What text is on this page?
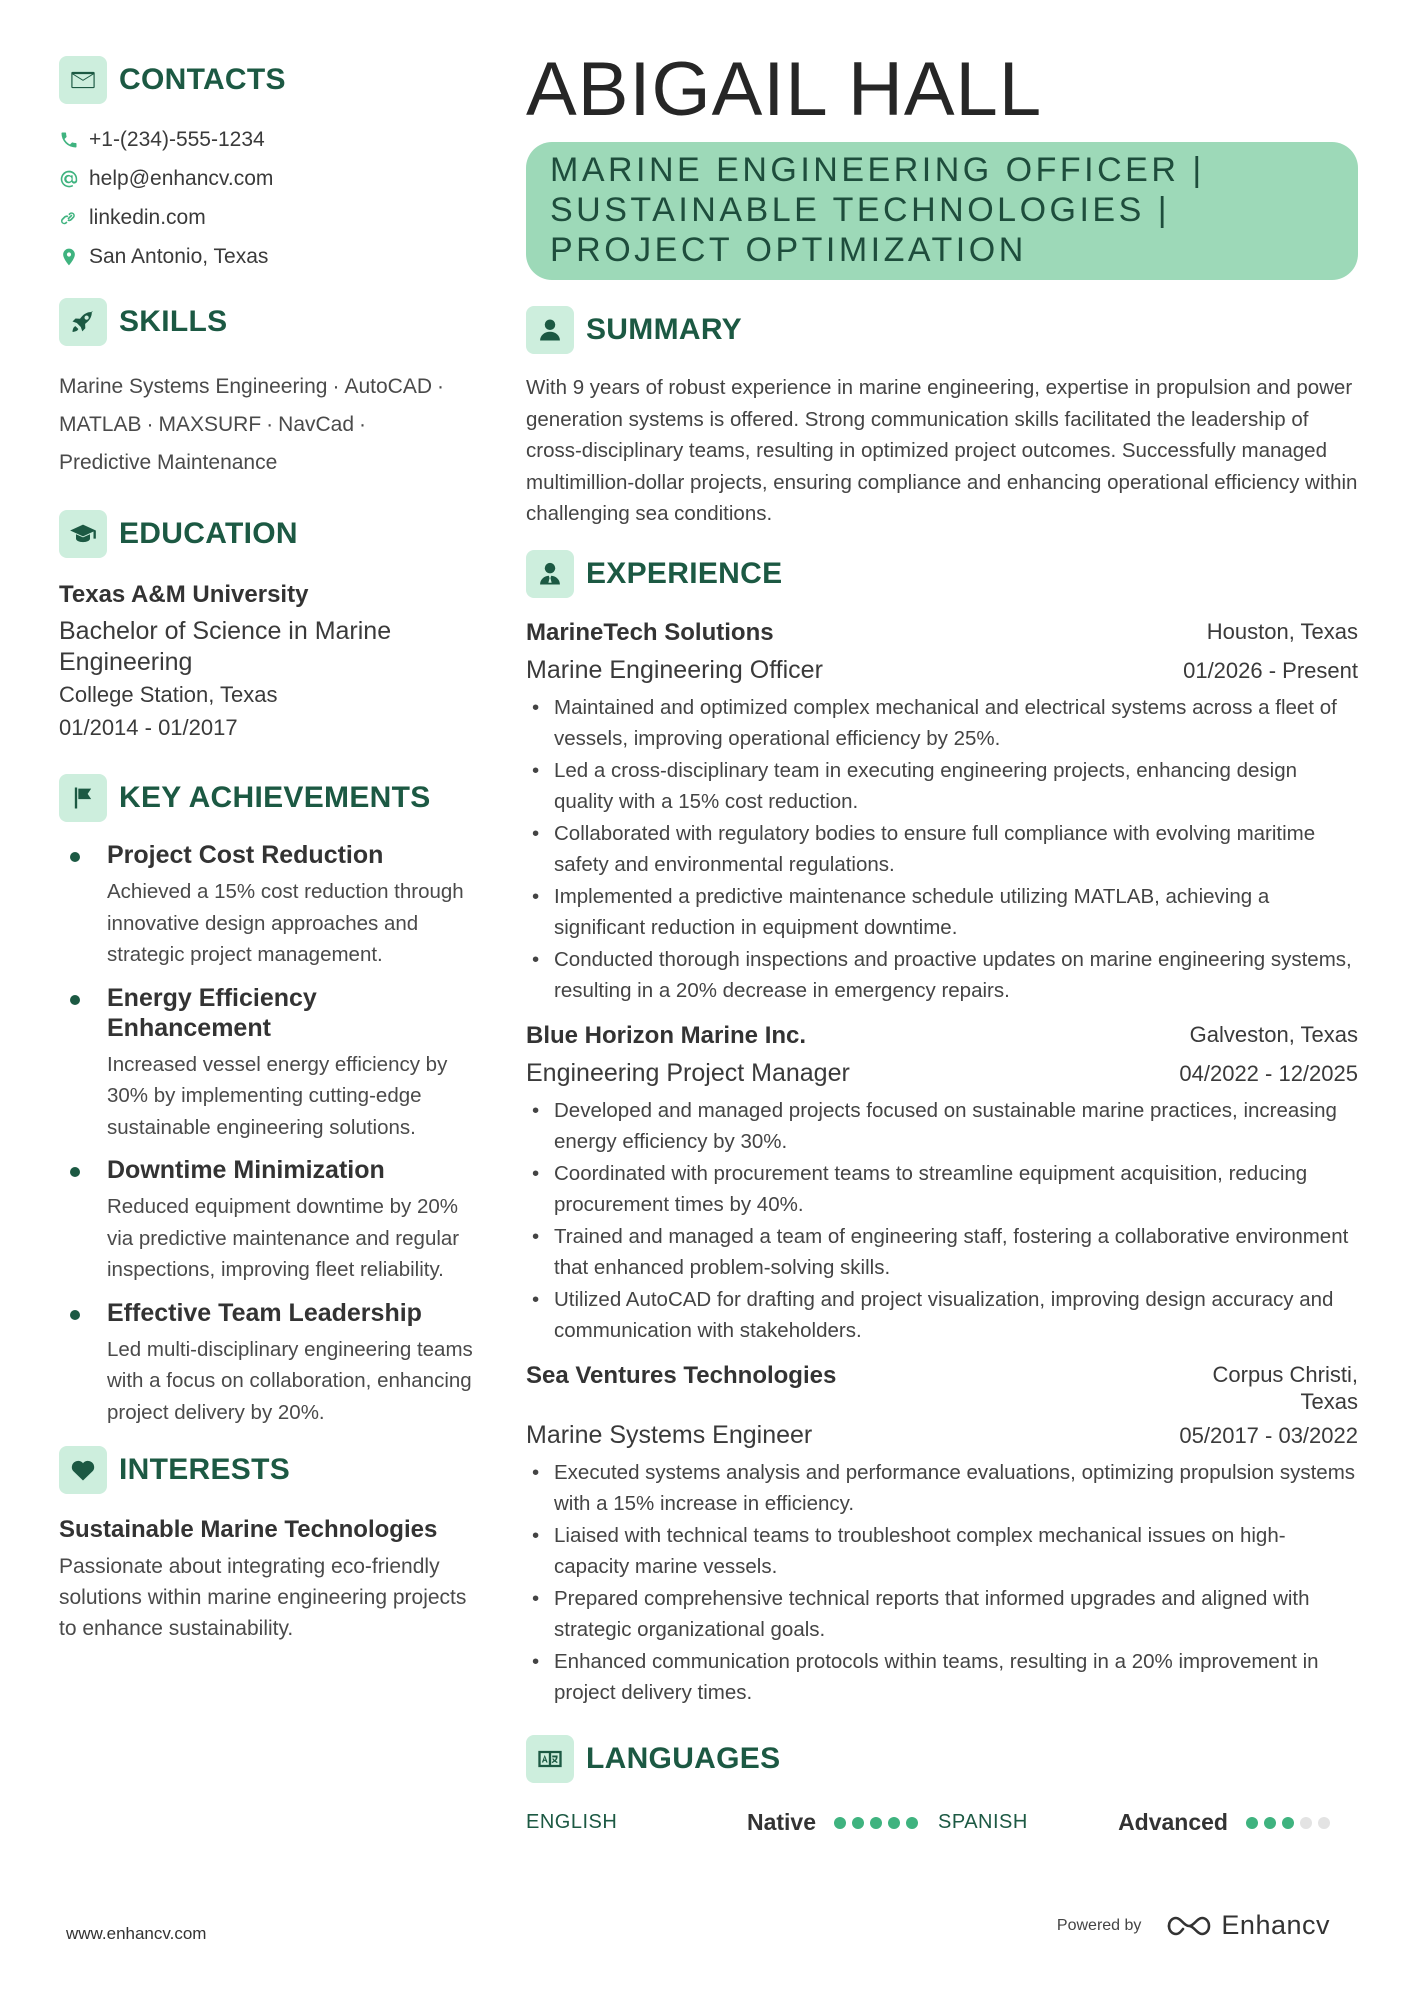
CONTACTS
+1-(234)-555-1234
help@enhancv.com
linkedin.com
San Antonio, Texas
SKILLS
Marine Systems Engineering · AutoCAD ·
MATLAB · MAXSURF · NavCad ·
Predictive Maintenance
EDUCATION
Texas A&M University
Bachelor of Science in Marine Engineering
College Station, Texas
01/2014 - 01/2017
KEY ACHIEVEMENTS
Project Cost Reduction
Achieved a 15% cost reduction through innovative design approaches and strategic project management.
Energy Efficiency Enhancement
Increased vessel energy efficiency by 30% by implementing cutting-edge sustainable engineering solutions.
Downtime Minimization
Reduced equipment downtime by 20% via predictive maintenance and regular inspections, improving fleet reliability.
Effective Team Leadership
Led multi-disciplinary engineering teams with a focus on collaboration, enhancing project delivery by 20%.
INTERESTS
Sustainable Marine Technologies
Passionate about integrating eco-friendly solutions within marine engineering projects to enhance sustainability.
ABIGAIL HALL
MARINE ENGINEERING OFFICER | SUSTAINABLE TECHNOLOGIES | PROJECT OPTIMIZATION
SUMMARY
With 9 years of robust experience in marine engineering, expertise in propulsion and power generation systems is offered. Strong communication skills facilitated the leadership of cross-disciplinary teams, resulting in optimized project outcomes. Successfully managed multimillion-dollar projects, ensuring compliance and enhancing operational efficiency within challenging sea conditions.
EXPERIENCE
MarineTech Solutions	Houston, Texas
Marine Engineering Officer	01/2026 - Present
• Maintained and optimized complex mechanical and electrical systems across a fleet of vessels, improving operational efficiency by 25%.
• Led a cross-disciplinary team in executing engineering projects, enhancing design quality with a 15% cost reduction.
• Collaborated with regulatory bodies to ensure full compliance with evolving maritime safety and environmental regulations.
• Implemented a predictive maintenance schedule utilizing MATLAB, achieving a significant reduction in equipment downtime.
• Conducted thorough inspections and proactive updates on marine engineering systems, resulting in a 20% decrease in emergency repairs.
Blue Horizon Marine Inc.	Galveston, Texas
Engineering Project Manager	04/2022 - 12/2025
• Developed and managed projects focused on sustainable marine practices, increasing energy efficiency by 30%.
• Coordinated with procurement teams to streamline equipment acquisition, reducing procurement times by 40%.
• Trained and managed a team of engineering staff, fostering a collaborative environment that enhanced problem-solving skills.
• Utilized AutoCAD for drafting and project visualization, improving design accuracy and communication with stakeholders.
Sea Ventures Technologies	Corpus Christi, Texas
Marine Systems Engineer	05/2017 - 03/2022
• Executed systems analysis and performance evaluations, optimizing propulsion systems with a 15% increase in efficiency.
• Liaised with technical teams to troubleshoot complex mechanical issues on high-capacity marine vessels.
• Prepared comprehensive technical reports that informed upgrades and aligned with strategic organizational goals.
• Enhanced communication protocols within teams, resulting in a 20% improvement in project delivery times.
LANGUAGES
ENGLISH	Native	SPANISH	Advanced
www.enhancv.com	Powered by	Enhancv
